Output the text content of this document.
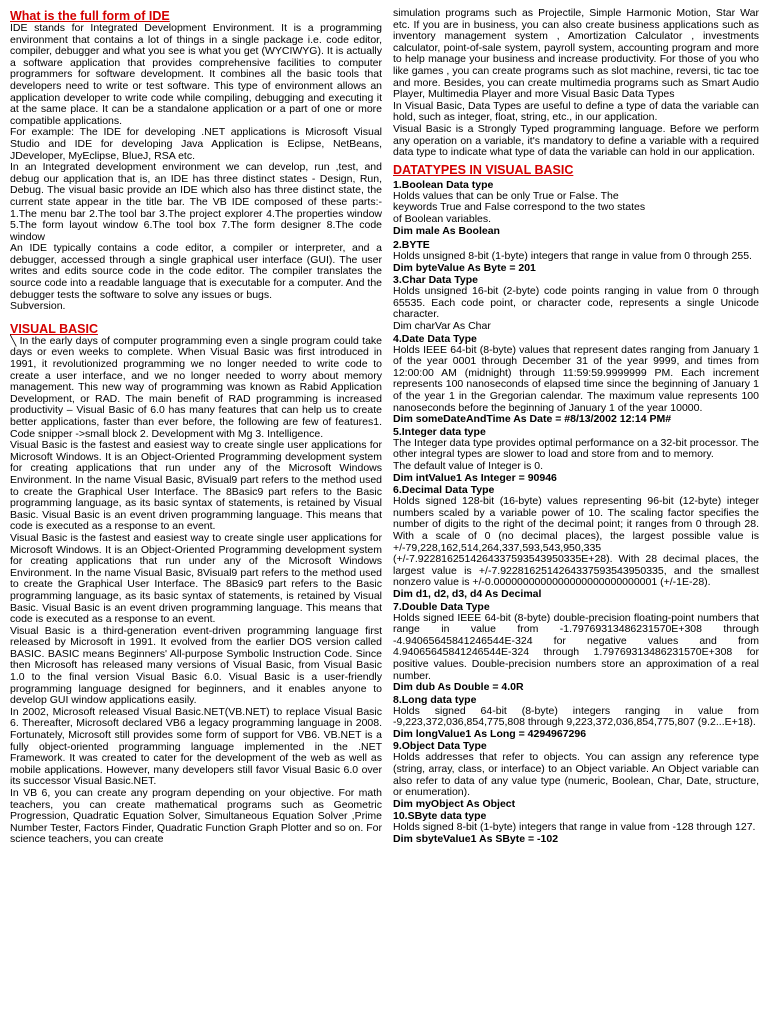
What is the full form of IDE

IDE stands for Integrated Development Environment. It is a programming environment that contains a lot of things in a single package i.e. code editor, compiler, debugger and what you see is what you get (WYCIWYG). It is actually a software application that provides comprehensive facilities to computer programmers for software development. It combines all the basic tools that developers need to write or test software. This type of environment allows an application developer to write code while compiling, debugging and executing it at the same place. It can be a standalone application or a part of one or more compatible applications.

For example: The IDE for developing .NET applications is Microsoft Visual Studio and IDE for developing Java Application is Eclipse, NetBeans, JDeveloper, MyEclipse, BlueJ, RSA etc.

In an Integrated development environment we can develop, run ,test, and debug our application that is, an IDE has three distinct states - Design, Run, Debug. The visual basic provide an IDE which also has three distinct state, the current state appear in the title bar. The VB IDE composed of these parts:- 1.The menu bar 2.The tool bar 3.The project explorer 4.The properties window 5.The form layout window 6.The tool box 7.The form designer 8.The code window

An IDE typically contains a code editor, a compiler or interpreter, and a debugger, accessed through a single graphical user interface (GUI). The user writes and edits source code in the code editor. The compiler translates the source code into a readable language that is executable for a computer. And the debugger tests the software to solve any issues or bugs.

Subversion.

VISUAL BASIC

╲ In the early days of computer programming even a single program could take days or even weeks to complete. When Visual Basic was first introduced in 1991, it revolutionized programming we no longer needed to write code to create a user interface, and we no longer needed to worry about memory management. This new way of programming was known as Rabid Application Development, or RAD. The main benefit of RAD programming is increased productivity – Visual Basic of 6.0 has many features that can help us to create better applications, faster than ever before, the following are few of features1. Code snipper ->small block 2. Development with Mg 3. Intelligence.

Visual Basic is the fastest and easiest way to create single user applications for Microsoft Windows. It is an Object-Oriented Programming development system for creating applications that run under any of the Microsoft Windows Environment. In the name Visual Basic, 8Visual9 part refers to the method used to create the Graphical User Interface. The 8Basic9 part refers to the Basic programming language, as its basic syntax of statements, is retained by Visual Basic. Visual Basic is an event driven programming language. This means that code is executed as a response to an event.

Visual Basic is the fastest and easiest way to create single user applications for Microsoft Windows. It is an Object-Oriented Programming development system for creating applications that run under any of the Microsoft Windows Environment. In the name Visual Basic, 8Visual9 part refers to the method used to create the Graphical User Interface. The 8Basic9 part refers to the Basic programming language, as its basic syntax of statements, is retained by Visual Basic. Visual Basic is an event driven programming language. This means that code is executed as a response to an event.

Visual Basic is a third-generation event-driven programming language first released by Microsoft in 1991. It evolved from the earlier DOS version called BASIC. BASIC means Beginners' All-purpose Symbolic Instruction Code. Since then Microsoft has released many versions of Visual Basic, from Visual Basic 1.0 to the final version Visual Basic 6.0. Visual Basic is a user-friendly programming language designed for beginners, and it enables anyone to develop GUI window applications easily.

In 2002, Microsoft released Visual Basic.NET(VB.NET) to replace Visual Basic 6. Thereafter, Microsoft declared VB6 a legacy programming language in 2008. Fortunately, Microsoft still provides some form of support for VB6. VB.NET is a fully object-oriented programming language implemented in the .NET Framework. It was created to cater for the development of the web as well as mobile applications. However, many developers still favor Visual Basic 6.0 over its successor Visual Basic.NET.

In VB 6, you can create any program depending on your objective. For math teachers, you can create mathematical programs such as Geometric Progression, Quadratic Equation Solver, Simultaneous Equation Solver ,Prime Number Tester, Factors Finder, Quadratic Function Graph Plotter and so on. For science teachers, you can create

simulation programs such as Projectile, Simple Harmonic Motion, Star War etc. If you are in business, you can also create business applications such as inventory management system , Amortization Calculator , investments calculator, point-of-sale system, payroll system, accounting program and more to help manage your business and increase productivity. For those of you who like games , you can create programs such as slot machine, reversi, tic tac toe and more. Besides, you can create multimedia programs such as Smart Audio Player, Multimedia Player and more Visual Basic Data Types

In Visual Basic, Data Types are useful to define a type of data the variable can hold, such as integer, float, string, etc., in our application.

Visual Basic is a Strongly Typed programming language. Before we perform any operation on a variable, it's mandatory to define a variable with a required data type to indicate what type of data the variable can hold in our application.

DATATYPES IN VISUAL BASIC
1.Boolean Data type

Holds values that can be only True or False. The

keywords True and False correspond to the two states

of Boolean variables.

Dim male As Boolean

2.BYTE

Holds unsigned 8-bit (1-byte) integers that range in value from 0 through 255.

Dim byteValue As Byte = 201

3.Char Data Type

Holds unsigned 16-bit (2-byte) code points ranging in value from 0 through 65535. Each code point, or character code, represents a single Unicode character.

Dim charVar As Char

4.Date Data Type

Holds IEEE 64-bit (8-byte) values that represent dates ranging from January 1 of the year 0001 through December 31 of the year 9999, and times from 12:00:00 AM (midnight) through 11:59:59.9999999 PM. Each increment represents 100 nanoseconds of elapsed time since the beginning of January 1 of the year 1 in the Gregorian calendar. The maximum value represents 100 nanoseconds before the beginning of January 1 of the year 10000.

Dim someDateAndTime As Date = #8/13/2002 12:14 PM#

5.Integer data type

The Integer data type provides optimal performance on a 32-bit processor. The other integral types are slower to load and store from and to memory.

The default value of Integer is 0.

Dim intValue1 As Integer = 90946

6.Decimal Data Type

Holds signed 128-bit (16-byte) values representing 96-bit (12-byte) integer numbers scaled by a variable power of 10. The scaling factor specifies the number of digits to the right of the decimal point; it ranges from 0 through 28. With a scale of 0 (no decimal places), the largest possible value is +/-79,228,162,514,264,337,593,543,950,335 (+/-7.9228162514264337593543950335E+28). With 28 decimal places, the largest value is +/-7.9228162514264337593543950335, and the smallest nonzero value is +/-0.0000000000000000000000000001 (+/-1E-28).

Dim d1, d2, d3, d4 As Decimal

7.Double Data Type

Holds signed IEEE 64-bit (8-byte) double-precision floating-point numbers that range in value from -1.79769313486231570E+308 through -4.94065645841246544E-324 for negative values and from 4.94065645841246544E-324 through 1.79769313486231570E+308 for positive values. Double-precision numbers store an approximation of a real number.

Dim dub As Double = 4.0R

8.Long data type

Holds signed 64-bit (8-byte) integers ranging in value from -9,223,372,036,854,775,808 through 9,223,372,036,854,775,807 (9.2...E+18).

Dim longValue1 As Long = 4294967296

9.Object Data Type

Holds addresses that refer to objects. You can assign any reference type (string, array, class, or interface) to an Object variable. An Object variable can also refer to data of any value type (numeric, Boolean, Char, Date, structure, or enumeration).

Dim myObject As Object

10.SByte data type

Holds signed 8-bit (1-byte) integers that range in value from -128 through 127.

Dim sbyteValue1 As SByte = -102
